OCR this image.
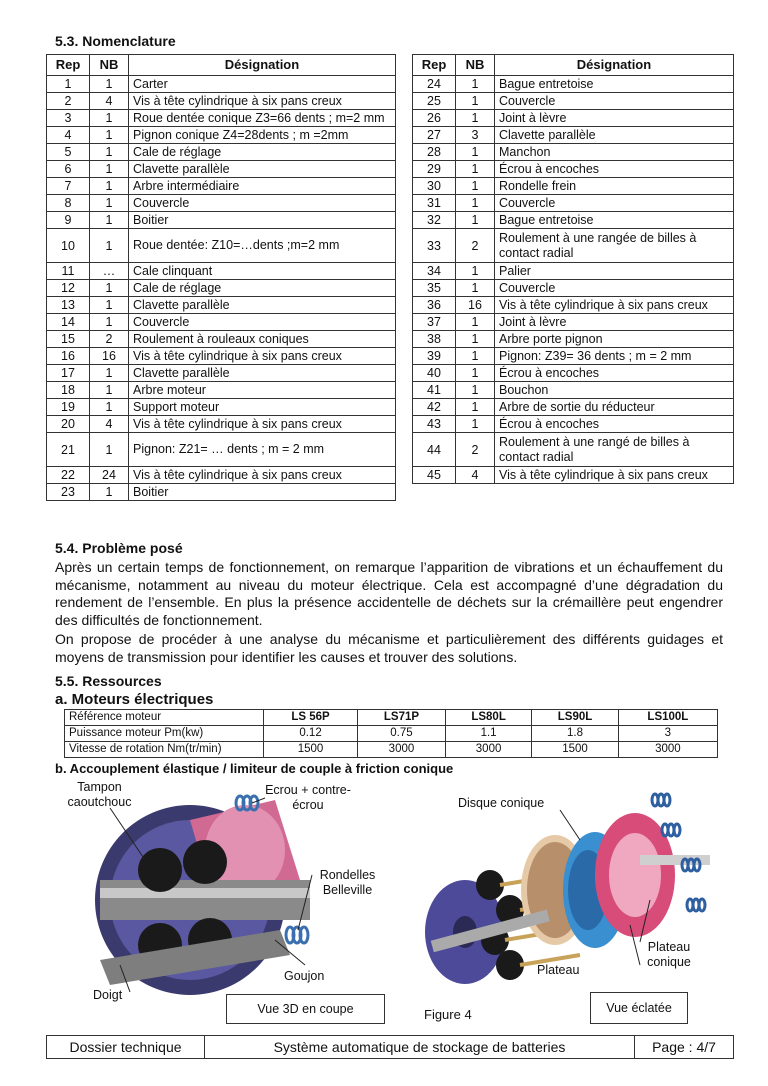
5.3. Nomenclature
Rep	NB	Désignation
1	1	Carter
2	4	Vis à tête cylindrique à six pans creux
3	1	Roue dentée conique Z3=66 dents ; m=2 mm
4	1	Pignon conique Z4=28dents ; m =2mm
5	1	Cale de réglage
6	1	Clavette parallèle
7	1	Arbre intermédiaire
8	1	Couvercle
9	1	Boitier
10	1	Roue dentée: Z10=…dents ;m=2 mm
11	…	Cale clinquant
12	1	Cale de réglage
13	1	Clavette parallèle
14	1	Couvercle
15	2	Roulement à rouleaux coniques
16	16	Vis à tête cylindrique à six pans creux
17	1	Clavette parallèle
18	1	Arbre moteur
19	1	Support moteur
20	4	Vis à tête cylindrique à six pans creux
21	1	Pignon: Z21= … dents ; m = 2 mm
22	24	Vis à tête cylindrique à six pans creux
23	1	Boitier
Rep	NB	Désignation
24	1	Bague entretoise
25	1	Couvercle
26	1	Joint à lèvre
27	3	Clavette parallèle
28	1	Manchon
29	1	Écrou à encoches
30	1	Rondelle frein
31	1	Couvercle
32	1	Bague entretoise
33	2	Roulement à une rangée de billes à contact radial
34	1	Palier
35	1	Couvercle
36	16	Vis à tête cylindrique à six pans creux
37	1	Joint à lèvre
38	1	Arbre porte pignon
39	1	Pignon: Z39= 36 dents ; m = 2 mm
40	1	Écrou à encoches
41	1	Bouchon
42	1	Arbre de sortie du réducteur
43	1	Écrou à encoches
44	2	Roulement à une rangé de billes à contact radial
45	4	Vis à tête cylindrique à six pans creux
5.4. Problème posé
Après un certain temps de fonctionnement, on remarque l’apparition de vibrations et un échauffement du mécanisme, notamment au niveau du moteur électrique. Cela est accompagné d’une dégradation du rendement de l’ensemble. En plus la présence accidentelle de déchets sur la crémaillère peut engendrer des difficultés de fonctionnement.
On propose de procéder à une analyse du mécanisme et particulièrement des différents guidages et moyens de transmission pour identifier les causes et trouver des solutions.
5.5. Ressources
a. Moteurs électriques
Référence moteur	LS 56P	LS71P	LS80L	LS90L	LS100L
Puissance moteur Pm(kw)	0.12	0.75	1.1	1.8	3
Vitesse de rotation Nm(tr/min)	1500	3000	3000	1500	3000
b. Accouplement élastique / limiteur de couple à friction conique
Tampon caoutchouc
Ecrou + contre-écrou
Rondelles Belleville
Goujon
Doigt
Vue 3D en coupe	Figure 4
Disque conique
Plateau
Plateau conique
Vue éclatée
Dossier technique	Système automatique de stockage de batteries	Page : 4/7
